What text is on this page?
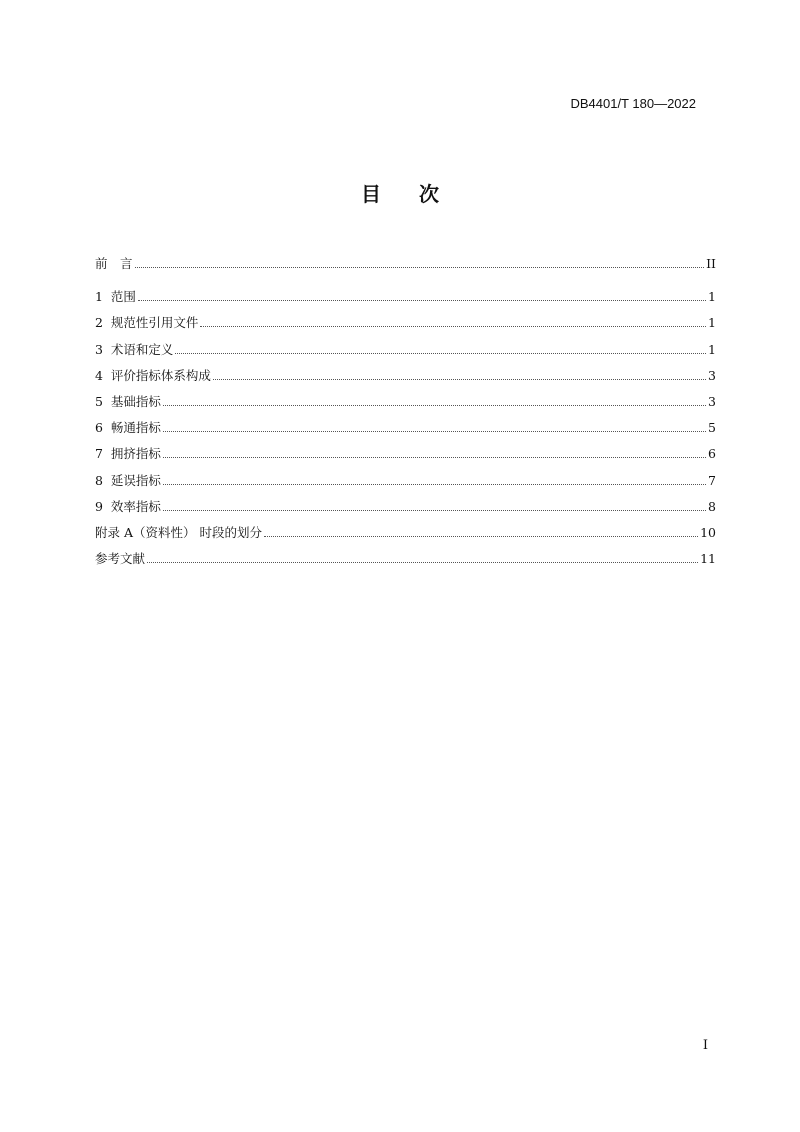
DB4401/T 180—2022
目 次
前　言	II
1  范围	1
2  规范性引用文件	1
3  术语和定义	1
4  评价指标体系构成	3
5  基础指标	3
6  畅通指标	5
7  拥挤指标	6
8  延误指标	7
9  效率指标	8
附录 A（资料性） 时段的划分	10
参考文献	11
I
